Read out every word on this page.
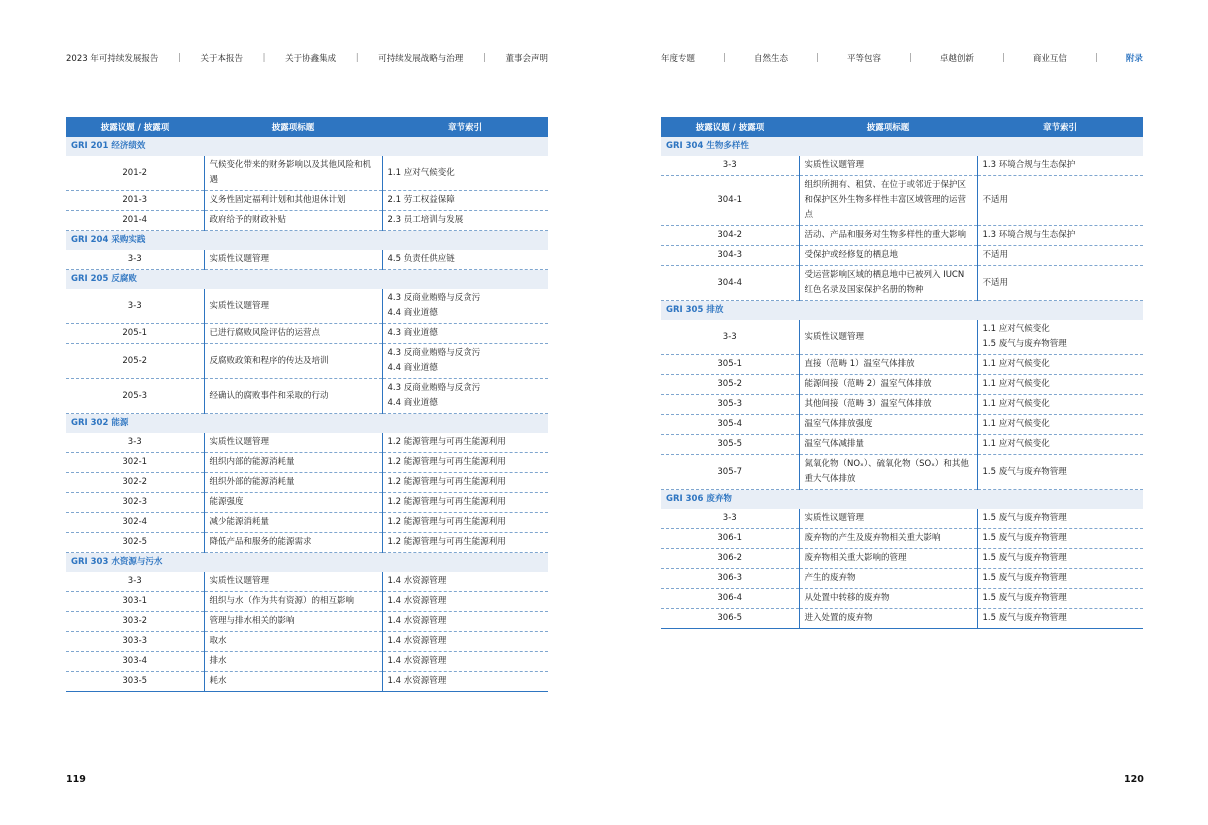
2023 年可持续发展报告 | 关于本报告 | 关于协鑫集成 | 可持续发展战略与治理 | 董事会声明	年度专题	|	自然生态	|	平等包容	|	卓越创新	|	商业互信	|	附录
披露议题 / 披露项	披露项标题	章节索引
GRI 201 经济绩效		
201-2	气候变化带来的财务影响以及其他风险和机遇	1.1 应对气候变化

201-3	义务性固定福利计划和其他退休计划	2.1 劳工权益保障

201-4	政府给予的财政补贴	2.3 员工培训与发展

GRI 204 采购实践		
3-3	实质性议题管理	4.5 负责任供应链

GRI 205 反腐败		
3-3	实质性议题管理	4.3 反商业贿赂与反贪污
4.4 商业道德

205-1	已进行腐败风险评估的运营点	4.3 商业道德

205-2	反腐败政策和程序的传达及培训	4.3 反商业贿赂与反贪污
4.4 商业道德

205-3	经确认的腐败事件和采取的行动	4.3 反商业贿赂与反贪污
4.4 商业道德

GRI 302 能源		
3-3	实质性议题管理	1.2 能源管理与可再生能源利用

302-1	组织内部的能源消耗量	1.2 能源管理与可再生能源利用

302-2	组织外部的能源消耗量	1.2 能源管理与可再生能源利用

302-3	能源强度	1.2 能源管理与可再生能源利用

302-4	减少能源消耗量	1.2 能源管理与可再生能源利用

302-5	降低产品和服务的能源需求	1.2 能源管理与可再生能源利用

GRI 303 水资源与污水		
3-3	实质性议题管理	1.4 水资源管理

303-1	组织与水（作为共有资源）的相互影响	1.4 水资源管理

303-2	管理与排水相关的影响	1.4 水资源管理

303-3	取水	1.4 水资源管理

303-4	排水	1.4 水资源管理

303-5	耗水	1.4 水资源管理
披露议题 / 披露项	披露项标题	章节索引
GRI 304 生物多样性		
3-3	实质性议题管理	1.3 环境合规与生态保护

304-1	组织所拥有、租赁、在位于或邻近于保护区和保护区外生物多样性丰富区域管理的运营点	不适用

304-2	活动、产品和服务对生物多样性的重大影响	1.3 环境合规与生态保护

304-3	受保护或经修复的栖息地	不适用

304-4	受运营影响区域的栖息地中已被列入 IUCN 红色名录及国家保护名册的物种	不适用

GRI 305 排放		
3-3	实质性议题管理	1.1 应对气候变化
1.5 废气与废弃物管理

305-1	直接（范畴 1）温室气体排放	1.1 应对气候变化

305-2	能源间接（范畴 2）温室气体排放	1.1 应对气候变化

305-3	其他间接（范畴 3）温室气体排放	1.1 应对气候变化

305-4	温室气体排放强度	1.1 应对气候变化

305-5	温室气体减排量	1.1 应对气候变化

305-7	氮氧化物（NOₓ）、硫氧化物（SOₓ）和其他重大气体排放	1.5 废气与废弃物管理

GRI 306 废弃物		
3-3	实质性议题管理	1.5 废气与废弃物管理

306-1	废弃物的产生及废弃物相关重大影响	1.5 废气与废弃物管理

306-2	废弃物相关重大影响的管理	1.5 废气与废弃物管理

306-3	产生的废弃物	1.5 废气与废弃物管理

306-4	从处置中转移的废弃物	1.5 废气与废弃物管理

306-5	进入处置的废弃物	1.5 废气与废弃物管理
119	120
